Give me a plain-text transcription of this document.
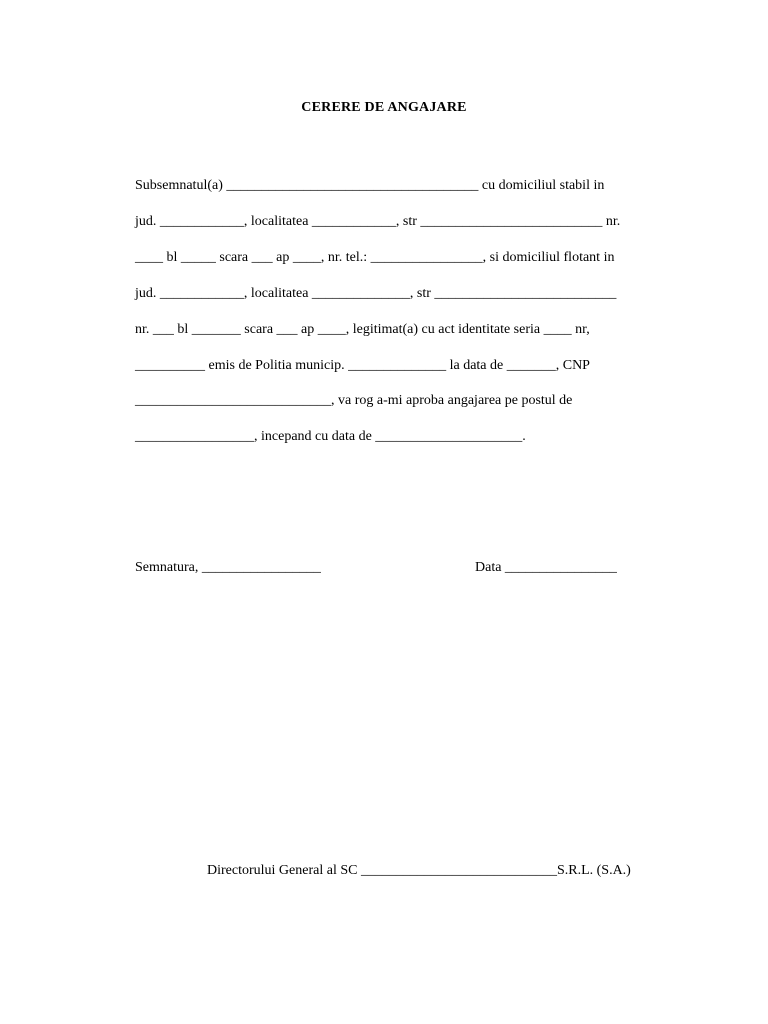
CERERE DE ANGAJARE
Subsemnatul(a) ____________________________________ cu domiciliul stabil in
jud. ____________, localitatea ____________, str __________________________ nr.
____ bl _____ scara ___ ap ____, nr. tel.: ________________, si domiciliul flotant in
jud. ____________, localitatea ______________, str __________________________
nr. ___ bl _______ scara ___ ap ____, legitimat(a) cu act identitate seria ____ nr,
__________ emis de Politia municip. ______________ la data de _______, CNP
____________________________, va rog a-mi aproba angajarea pe postul de
_________________, incepand cu data de _____________________.
Semnatura, _________________	Data ________________
Directorului General al SC ____________________________S.R.L. (S.A.)
